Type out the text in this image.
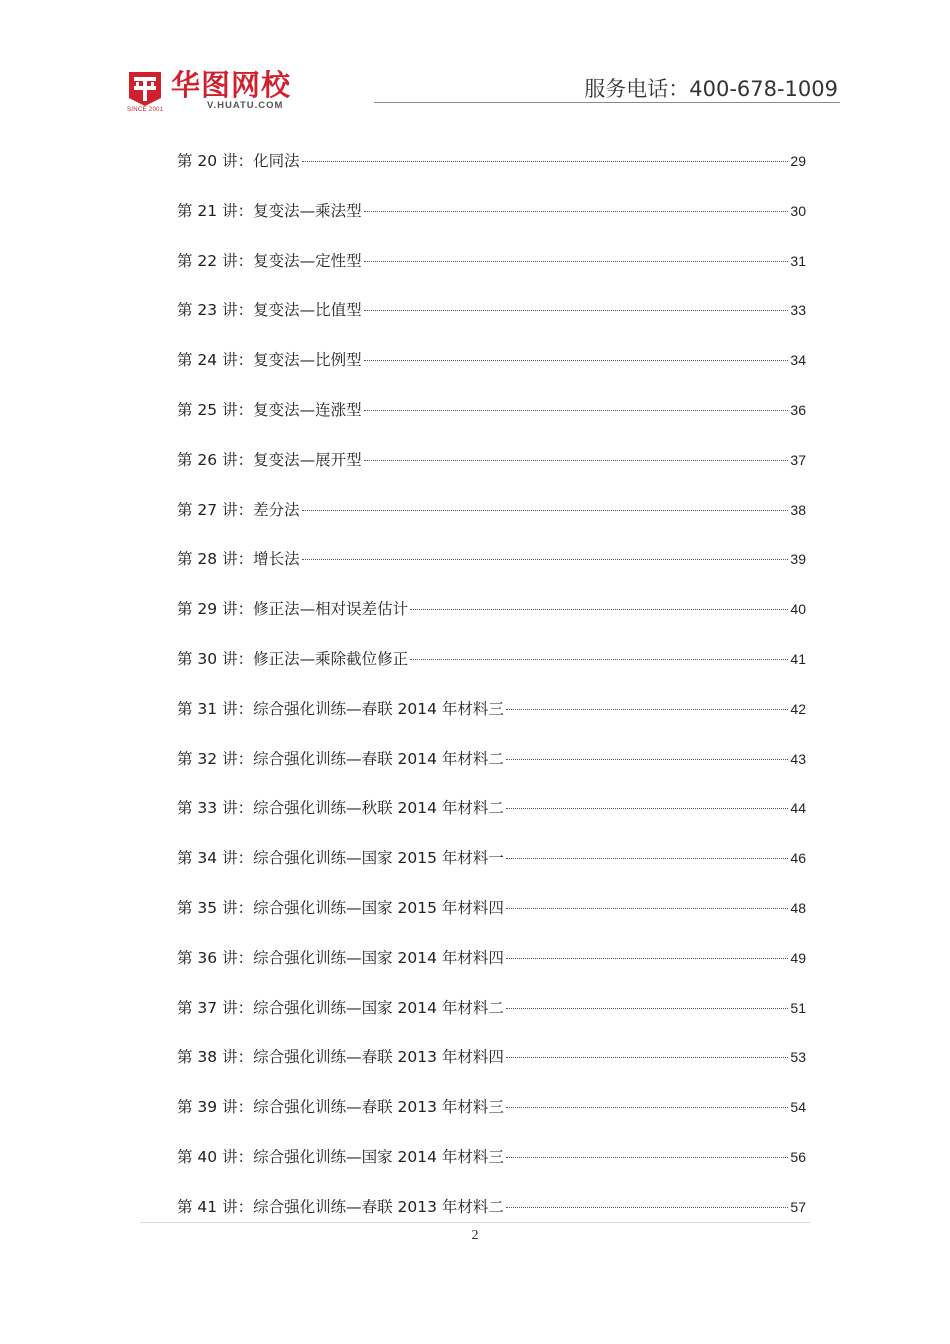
SINCE 2001
华图网校
V.HUATU.COM
服务电话：400-678-1009
第 20 讲：化同法	29
第 21 讲：复变法—乘法型	30
第 22 讲：复变法—定性型	31
第 23 讲：复变法—比值型	33
第 24 讲：复变法—比例型	34
第 25 讲：复变法—连涨型	36
第 26 讲：复变法—展开型	37
第 27 讲：差分法	38
第 28 讲：增长法	39
第 29 讲：修正法—相对误差估计	40
第 30 讲：修正法—乘除截位修正	41
第 31 讲：综合强化训练—春联 2014 年材料三	42
第 32 讲：综合强化训练—春联 2014 年材料二	43
第 33 讲：综合强化训练—秋联 2014 年材料二	44
第 34 讲：综合强化训练—国家 2015 年材料一	46
第 35 讲：综合强化训练—国家 2015 年材料四	48
第 36 讲：综合强化训练—国家 2014 年材料四	49
第 37 讲：综合强化训练—国家 2014 年材料二	51
第 38 讲：综合强化训练—春联 2013 年材料四	53
第 39 讲：综合强化训练—春联 2013 年材料三	54
第 40 讲：综合强化训练—国家 2014 年材料三	56
第 41 讲：综合强化训练—春联 2013 年材料二	57
2
